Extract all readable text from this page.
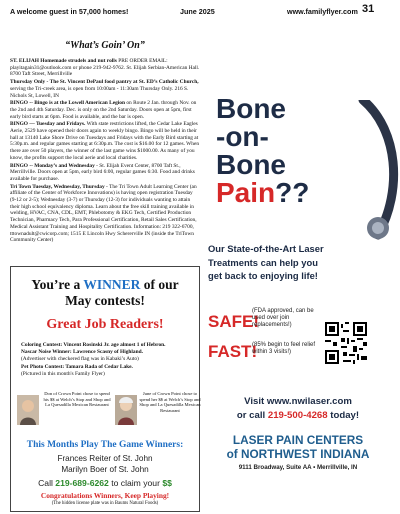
A welcome guest in 57,000 homes!	June 2025	www.familyflyer.com 31
“What’s Goin’ On”
ST. ELIJAH Homemade strudels and nut rolls PRE ORDER EMAIL: playitagain31@outlook.com or phone 219-942-9762. St. Elijah Serbian-American Hall. 8700 Taft Street, Merrillville
Thursday Only - The St. Vincent DePaul food pantry at St. ED’s Catholic Church, serving the Tri-creek area, is open from 10:00am - 11:30am Thursday Only. 216 S. Nichols St, Lowell, IN
BINGO -- Bingo is at the Lowell American Legion on Route 2 Jan. through Nov. on the 2nd and 4th Saturday. Dec. is only on the 2nd Saturday. Doors open at 5pm, first early bird starts at 6pm. Food is available, and the bar is open.
BINGO — Tuesday and Fridays. With state restrictions lifted, the Cedar Lake Eagles Aerie, 2529 have opened their doors again to weekly bingo. Bingo will be held in their hall at 13140 Lake Shore Drive on Tuesdays and Fridays with the Early Bird starting at 5:30p.m. and regular games starting at 6:30p.m. The cost is $16.00 for 12 games. When there are over 50 players, the winner of the last game wins $1000.00. As many of you know, the profits support the local aerie and local charities.
BINGO -- Monday’s and Wednesday - St. Elijah Event Center, 8700 Taft St., Merrillville. Doors open at 5pm, early bird 6:00, regular games 6:30. Food and drinks available for purchase.
Tri Town Tuesday, Wednesday, Thursday - The Tri Town Adult Learning Center (an affiliate of the Center of Workforce Innovations) is having open registration Tuesday (9-12 or 2-5); Wednesday (3-7) or Thursday (12-3) for individuals wanting to attain their high school equivalency diploma. Learn about the free skill training available in welding, HVAC, CNA, CDL, EMT, Phlebotomy & EKG Tech, Certified Production Technician, Pharmacy Tech, Para Professional Certification, Retail Sales Certification, Medical Assistant Training and Hospitality Certification. Information: 219 322-6700, tttownadult@cwicorp.com; 1515 E Lincoln Hwy Schererville IN (inside the TriTown Community Center)
Bone
-on-
Bone
Pain??
Our State-of-the-Art Laser Treatments can help you get back to enjoying life!
SAFE!
(FDA approved, can be used over join replacements!)
FAST!
(85% begin to feel relief within 3 visits!)
Visit www.nwilaser.com
or call 219-500-4268 today!
LASER PAIN CENTERS
of NORTHWEST INDIANA
9111 Broadway, Suite AA • Merrillville, IN
You’re a WINNER of our
May contests!
Great Job Readers!
Coloring Contest: Vincent Rosinski Jr. age almost 1 of Hebron.
Nascar Noise Winner: Lawrence Scasny of Highland.
(Advertiser with checkered flag was in Kabaki’s Auto)
Pet Photo Contest: Tamara Rada of Cedar Lake.
(Pictured in this month's Family Flyer)
Don of Crown Point chose to spend his $$ at Welch’s Stop and Shop and La Quesadilla Mexican Restaurant
June of Crown Point chose to spend her $$ at Welch’s Stop and Shop and La Quesadilla Mexican Restaurant
This Months Play The Game Winners:
Frances Reiter of St. John
Marilyn Boer of St. John
Call 219-689-6262 to claim your $$
Congratulations Winners, Keep Playing!
(The hidden license plate was in Baums Natural Foods)
